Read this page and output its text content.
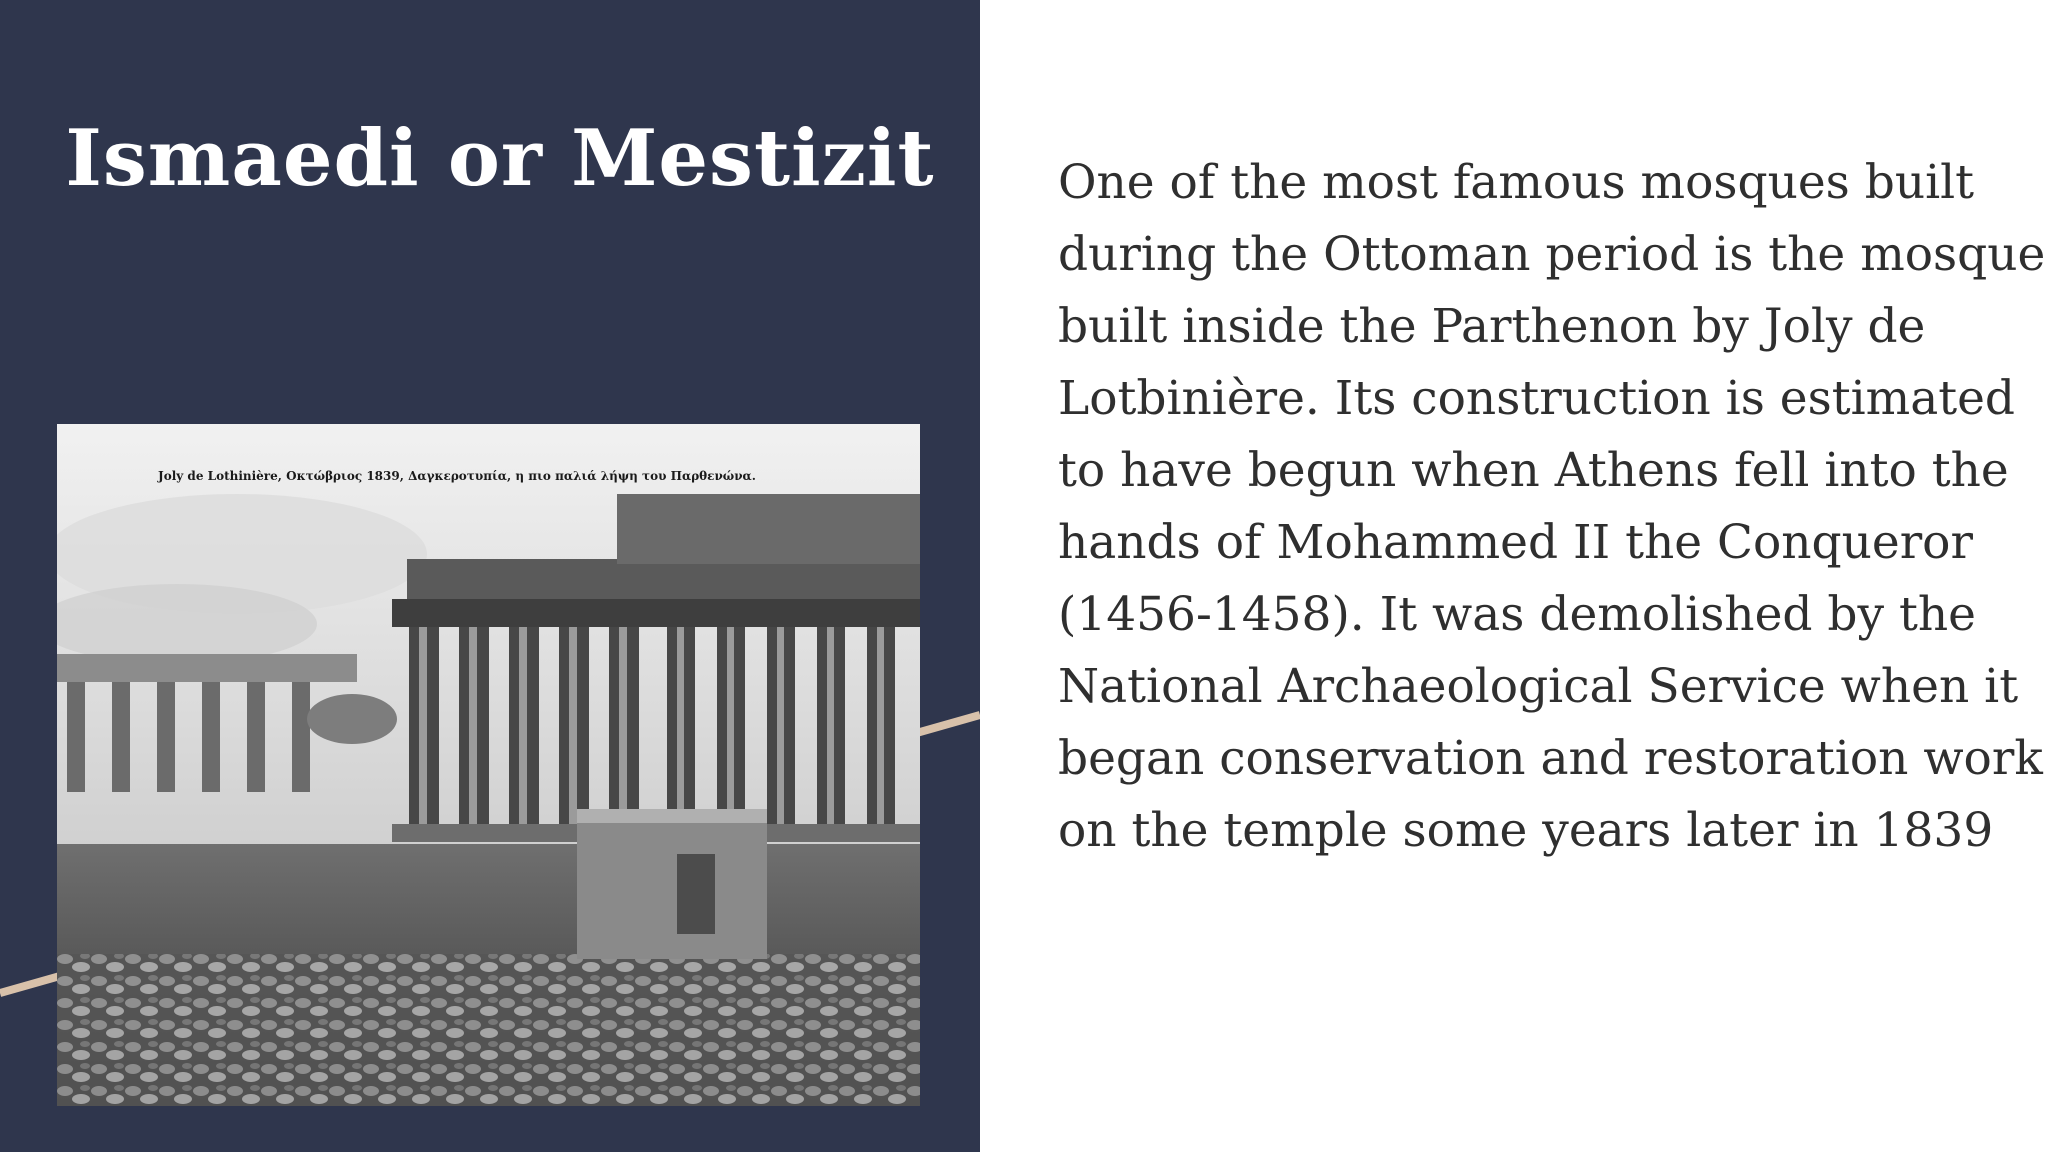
Ismaedi or Mestizit
Joly de Lothinière, Οκτώβριος 1839, Δαγκεροτυπία, η πιο παλιά λήψη του Παρθενώνα.

One of the most famous mosques built
during the Ottoman period is the mosque
built inside the Parthenon by Joly de
Lotbinière. Its construction is estimated
to have begun when Athens fell into the
hands of Mohammed II the Conqueror
(1456-1458). It was demolished by the
National Archaeological Service when it
began conservation and restoration work
on the temple some years later in 1839
